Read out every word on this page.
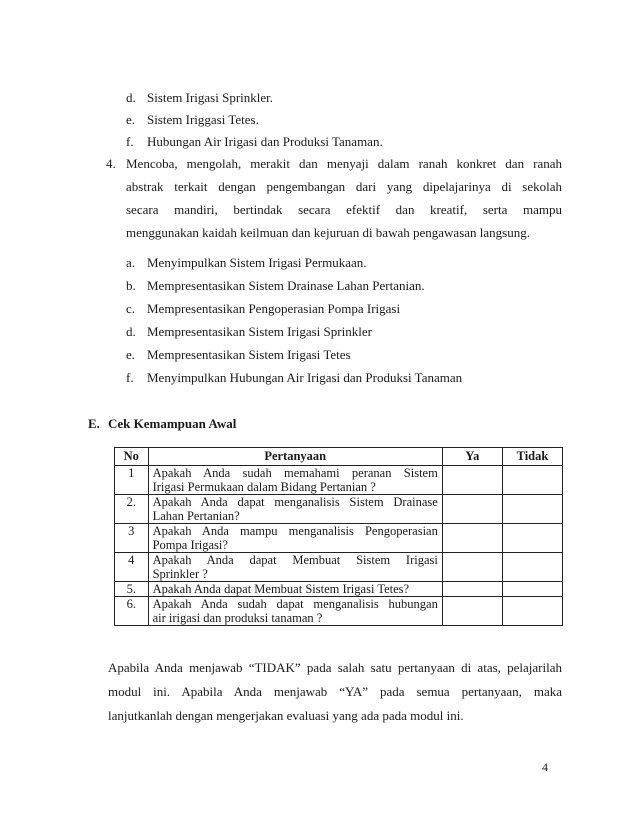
d. Sistem Irigasi Sprinkler.
e. Sistem Iriggasi Tetes.
f. Hubungan Air Irigasi dan Produksi Tanaman.
4. Mencoba, mengolah, merakit dan menyaji dalam ranah konkret dan ranah
abstrak terkait dengan pengembangan dari yang dipelajarinya di sekolah
secara mandiri, bertindak secara efektif dan kreatif, serta mampu
menggunakan kaidah keilmuan dan kejuruan di bawah pengawasan langsung.
a. Menyimpulkan Sistem Irigasi Permukaan.
b. Mempresentasikan Sistem Drainase Lahan Pertanian.
c. Mempresentasikan Pengoperasian Pompa Irigasi
d. Mempresentasikan Sistem Irigasi Sprinkler
e. Mempresentasikan Sistem Irigasi Tetes
f. Menyimpulkan Hubungan Air Irigasi dan Produksi Tanaman
E. Cek Kemampuan Awal
No	Pertanyaan	Ya	Tidak
1	Apakah Anda sudah memahami peranan Sistem
Irigasi Permukaan dalam Bidang Pertanian ?		

2.	Apakah Anda dapat menganalisis Sistem Drainase
Lahan Pertanian?		

3	Apakah Anda mampu menganalisis Pengoperasian
Pompa Irigasi?		

4	Apakah Anda dapat Membuat Sistem Irigasi
Sprinkler ?		

5.	Apakah Anda dapat Membuat Sistem Irigasi Tetes?		

6.	Apakah Anda sudah dapat menganalisis hubungan
air irigasi dan produksi tanaman ?		

Apabila Anda menjawab “TIDAK” pada salah satu pertanyaan di atas, pelajarilah
modul ini. Apabila Anda menjawab “YA” pada semua pertanyaan, maka
lanjutkanlah dengan mengerjakan evaluasi yang ada pada modul ini.
4
